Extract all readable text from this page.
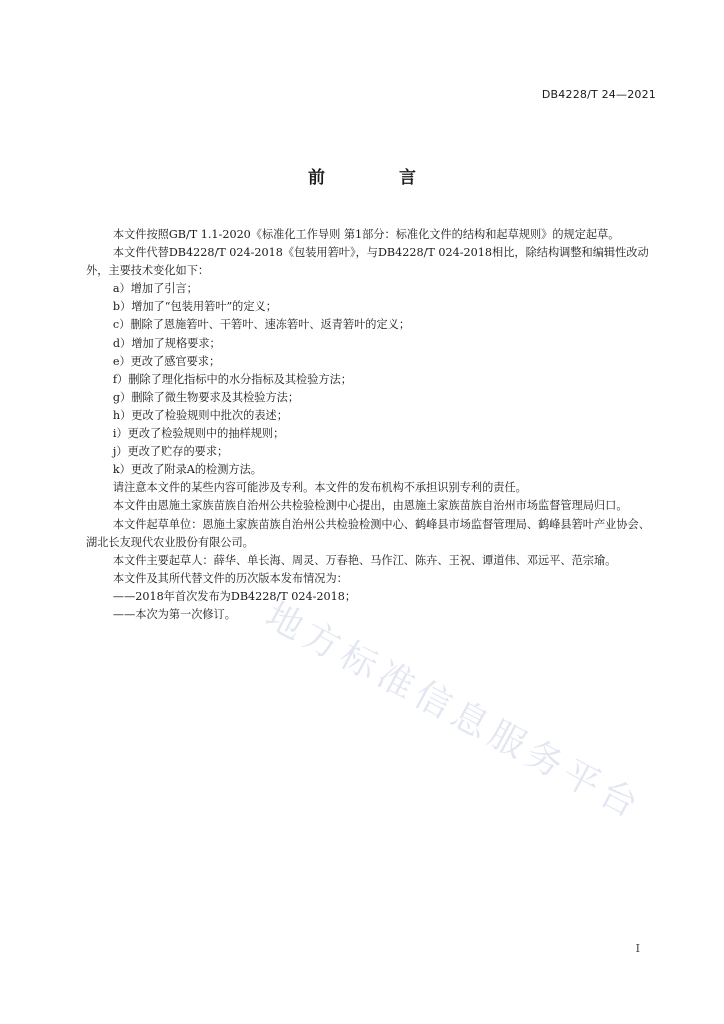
DB4228/T 24—2021
前 言

本文件按照GB/T 1.1-2020《标准化工作导则 第1部分：标准化文件的结构和起草规则》的规定起草。

本文件代替DB4228/T 024-2018《包装用箬叶》，与DB4228/T 024-2018相比，除结构调整和编辑性改动外，主要技术变化如下：

a）增加了引言；

b）增加了“包装用箬叶”的定义；

c）删除了恩施箬叶、干箬叶、速冻箬叶、返青箬叶的定义；

d）增加了规格要求；

e）更改了感官要求；

f）删除了理化指标中的水分指标及其检验方法；

g）删除了微生物要求及其检验方法；

h）更改了检验规则中批次的表述；

i）更改了检验规则中的抽样规则；

j）更改了贮存的要求；

k）更改了附录A的检测方法。

请注意本文件的某些内容可能涉及专利。本文件的发布机构不承担识别专利的责任。

本文件由恩施土家族苗族自治州公共检验检测中心提出，由恩施土家族苗族自治州市场监督管理局归口。

本文件起草单位：恩施土家族苗族自治州公共检验检测中心、鹤峰县市场监督管理局、鹤峰县箬叶产业协会、湖北长友现代农业股份有限公司。

本文件主要起草人：薛华、单长海、周灵、万春艳、马作江、陈卉、王祝、谭道伟、邓远平、范宗瑜。

本文件及其所代替文件的历次版本发布情况为：

——2018年首次发布为DB4228/T 024-2018；

——本次为第一次修订。 地方标准信息服务平台
I
